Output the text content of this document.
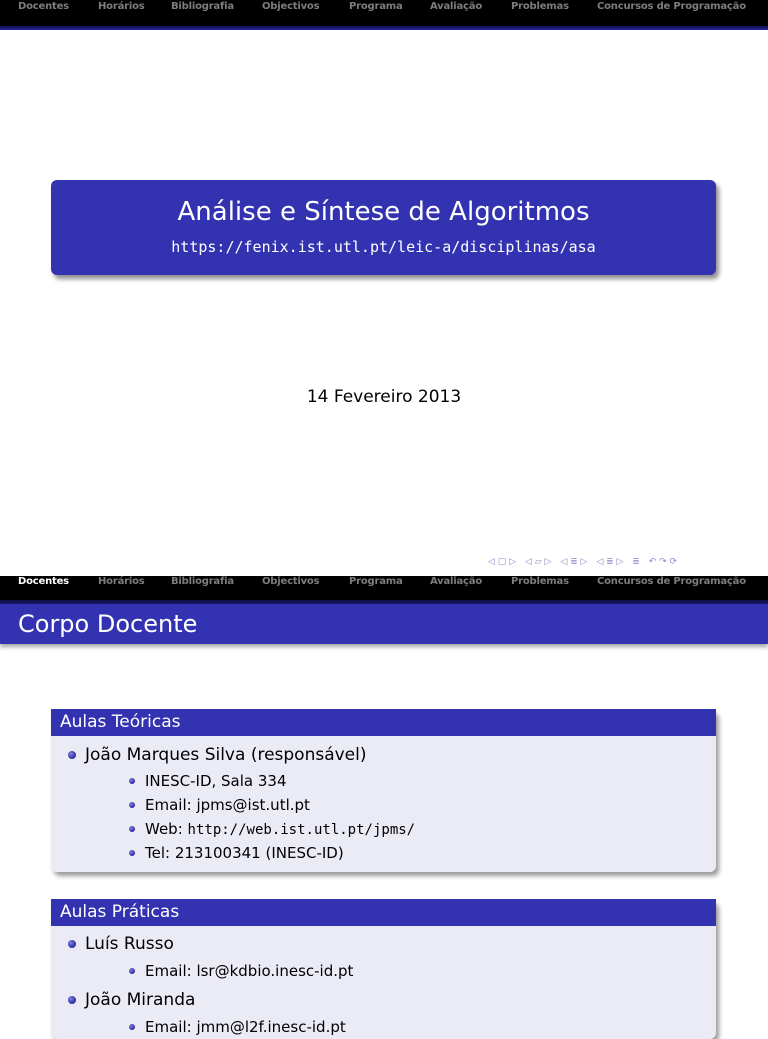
Docentes	Horários	Bibliografia	Objectivos	Programa	Avaliação	Problemas	Concursos de Programação
Análise e Síntese de Algoritmos
https://fenix.ist.utl.pt/leic-a/disciplinas/asa
14 Fevereiro 2013
◁ ▢ ▷ ◁ ▱ ▷ ◁ ≣ ▷ ◁ ≣ ▷ ≣ ↶ ↷ ⟳
Docentes	Horários	Bibliografia	Objectivos	Programa	Avaliação	Problemas	Concursos de Programação
Corpo Docente
Aulas Teóricas
João Marques Silva (responsável)
INESC-ID, Sala 334
Email: jpms@ist.utl.pt
Web: http://web.ist.utl.pt/jpms/
Tel: 213100341 (INESC-ID)
Aulas Práticas
Luís Russo
Email: lsr@kdbio.inesc-id.pt
João Miranda
Email: jmm@l2f.inesc-id.pt
